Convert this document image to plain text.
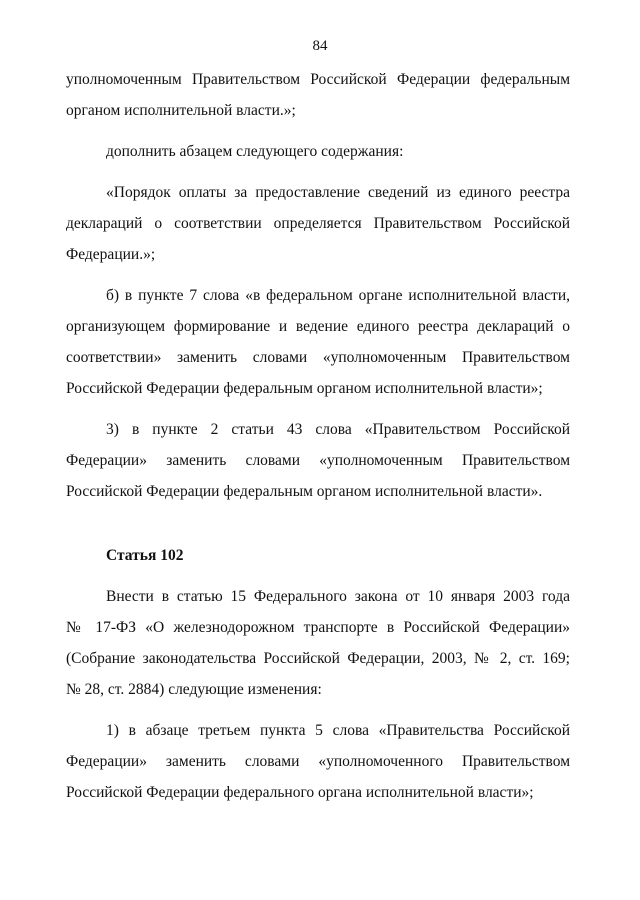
84

уполномоченным Правительством Российской Федерации федеральным

органом исполнительной власти.»;

дополнить абзацем следующего содержания:

«Порядок оплаты за предоставление сведений из единого реестра

деклараций о соответствии определяется Правительством Российской

Федерации.»;

б) в пункте 7 слова «в федеральном органе исполнительной власти,

организующем формирование и ведение единого реестра деклараций о

соответствии» заменить словами «уполномоченным Правительством

Российской Федерации федеральным органом исполнительной власти»;

3) в пункте 2 статьи 43 слова «Правительством Российской

Федерации» заменить словами «уполномоченным Правительством

Российской Федерации федеральным органом исполнительной власти».

Статья 102

Внести в статью 15 Федерального закона от 10 января 2003 года

№ 17-ФЗ «О железнодорожном транспорте в Российской Федерации»

(Собрание законодательства Российской Федерации, 2003, № 2, ст. 169;

№ 28, ст. 2884) следующие изменения:

1) в абзаце третьем пункта 5 слова «Правительства Российской

Федерации» заменить словами «уполномоченного Правительством

Российской Федерации федерального органа исполнительной власти»;
